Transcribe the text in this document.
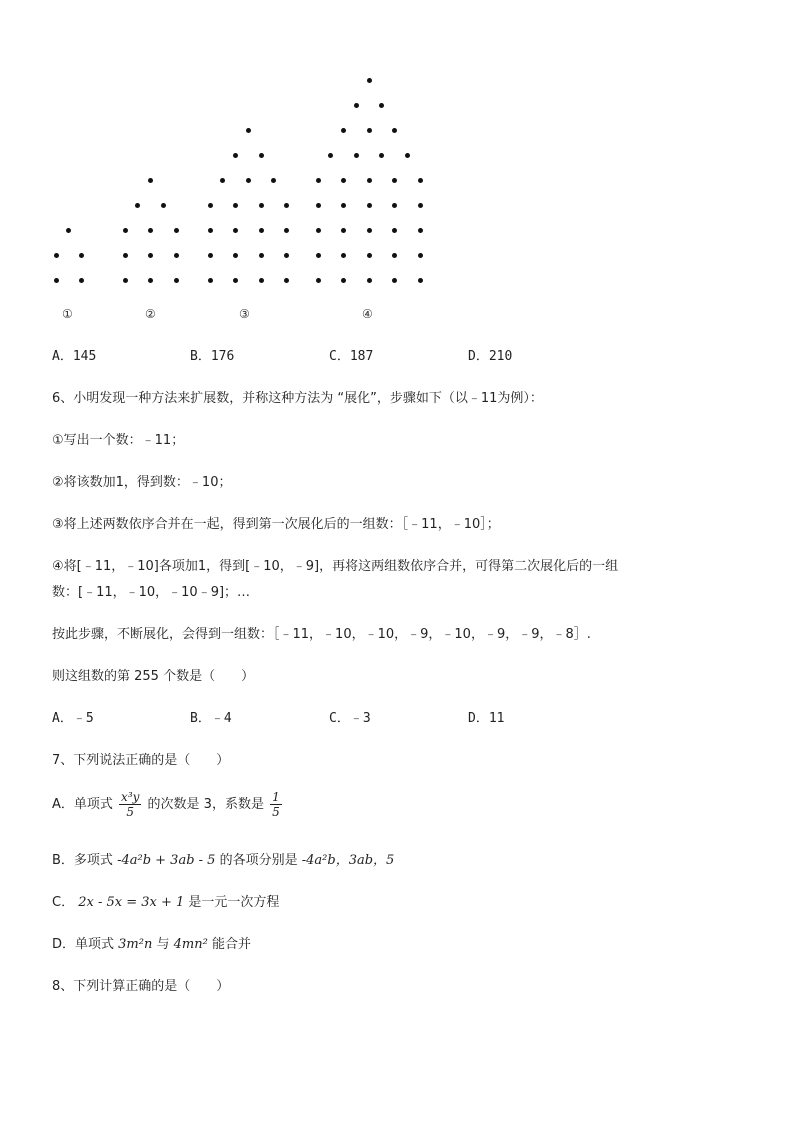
①	②	③	④
A．145	B．176	C．187	D．210
6、小明发现一种方法来扩展数，并称这种方法为 “展化”，步骤如下（以﹣11为例）：
①写出一个数：﹣11；
②将该数加1，得到数：﹣10；
③将上述两数依序合并在一起，得到第一次展化后的一组数：［﹣11，﹣10］；
④将[﹣11，﹣10]各项加1，得到[﹣10，﹣9]，再将这两组数依序合并，可得第二次展化后的一组
数：[﹣11，﹣10，﹣10﹣9]；…
按此步骤，不断展化，会得到一组数：［﹣11，﹣10，﹣10，﹣9，﹣10，﹣9，﹣9，﹣8］.
则这组数的第 255 个数是（　　）
A．﹣5	B．﹣4	C．﹣3	D．11
7、下列说法正确的是（　　）
A．单项式 $\frac{\text{x³y}}{5}$ 的次数是 3，系数是 $\frac{1}{5}$
B．多项式 -4a²b + 3ab - 5 的各项分别是 -4a²b，3ab，5
C． 2x - 5x = 3x + 1 是一元一次方程
D．单项式 3m²n 与 4mn² 能合并
8、下列计算正确的是（　　）
